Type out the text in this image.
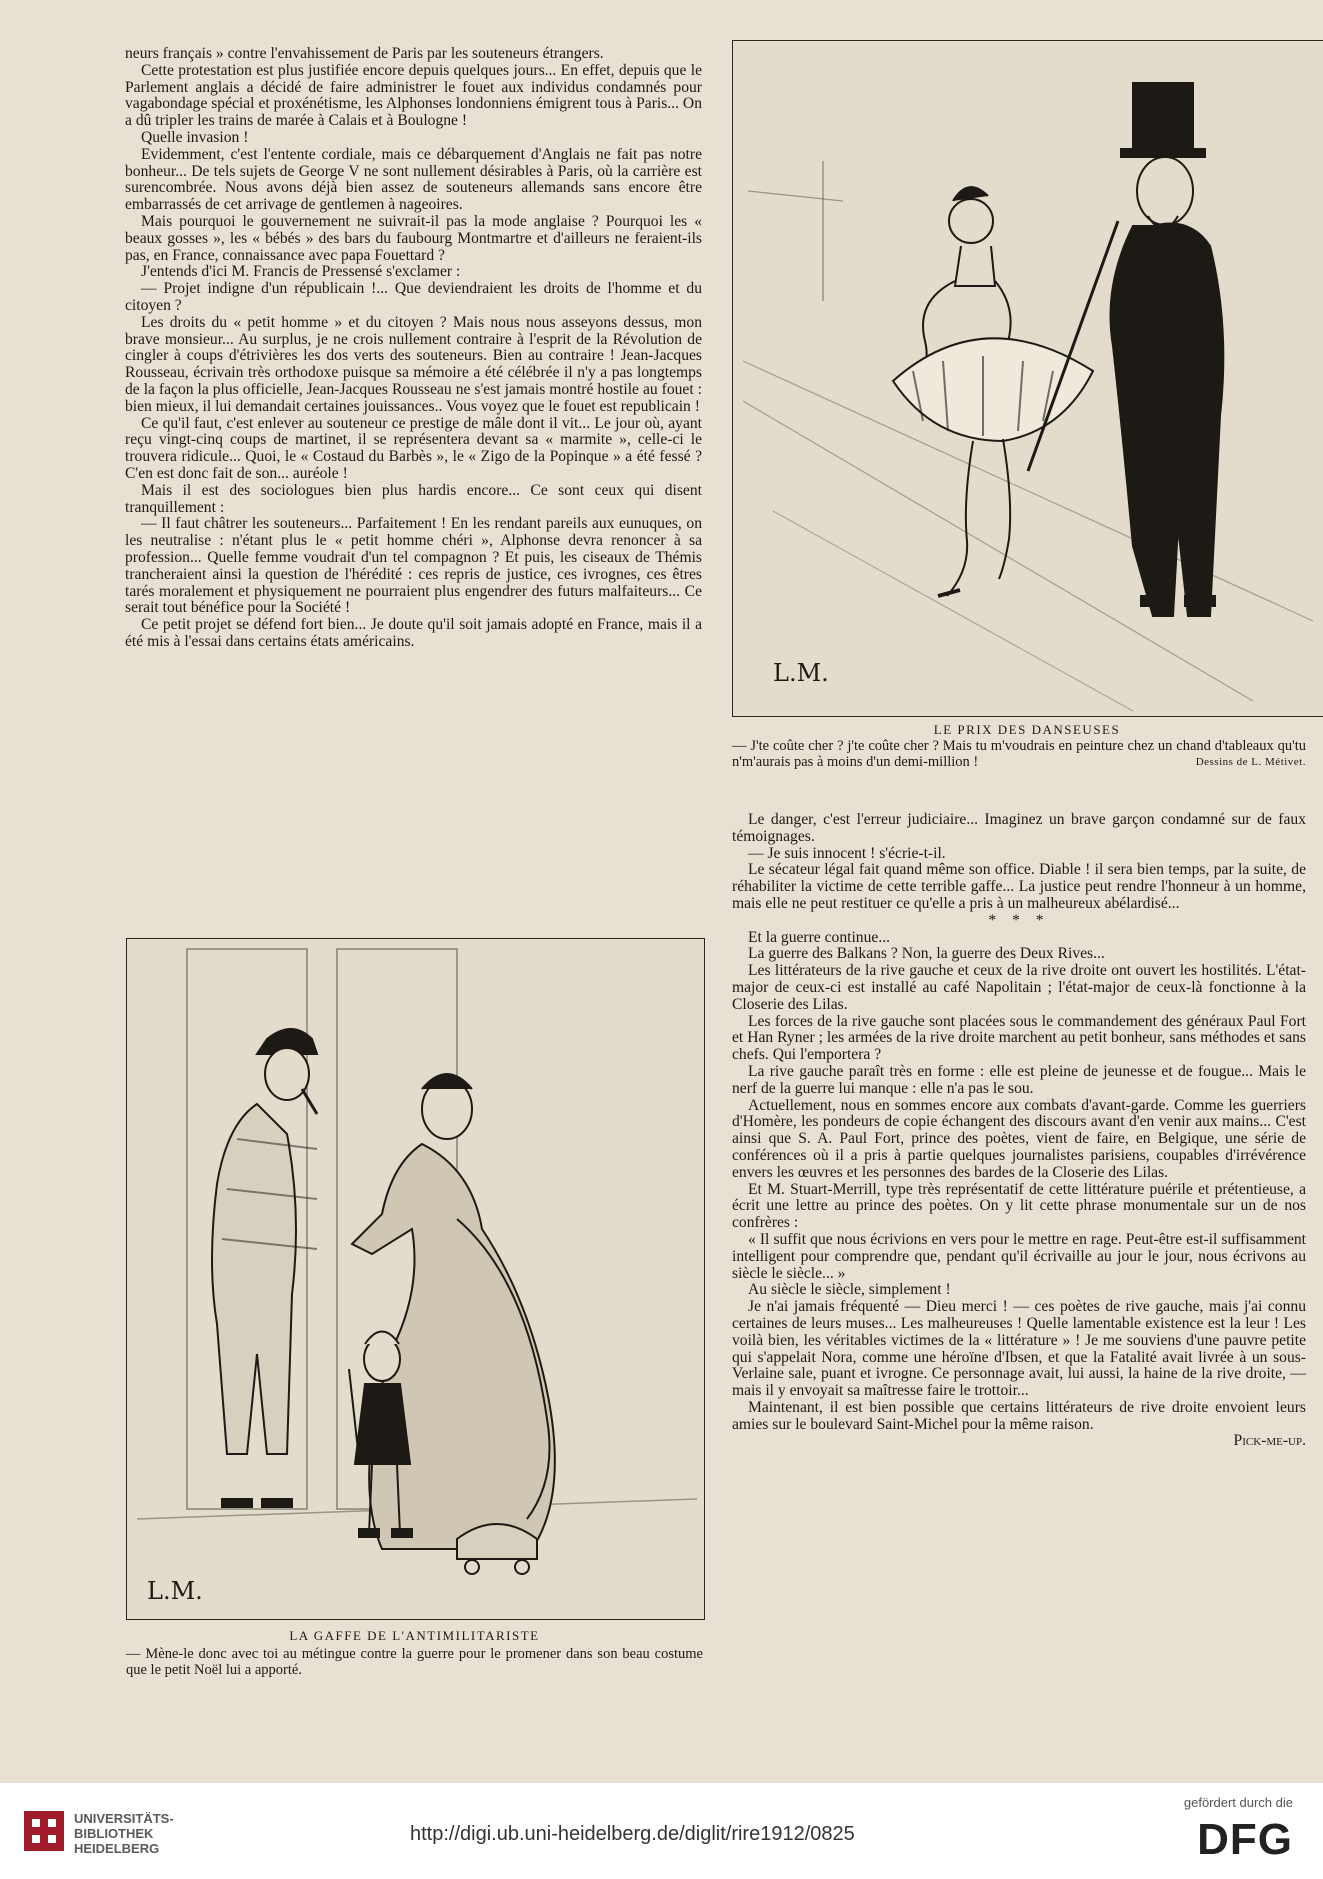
neurs français » contre l'envahissement de Paris par les souteneurs étrangers.

Cette protestation est plus justifiée encore depuis quelques jours... En effet, depuis que le Parlement anglais a décidé de faire administrer le fouet aux individus condamnés pour vagabondage spécial et proxénétisme, les Alphonses londonniens émigrent tous à Paris... On a dû tripler les trains de marée à Calais et à Boulogne !

Quelle invasion !

Evidemment, c'est l'entente cordiale, mais ce débarquement d'Anglais ne fait pas notre bonheur... De tels sujets de George V ne sont nullement désirables à Paris, où la carrière est surencombrée. Nous avons déjà bien assez de souteneurs allemands sans encore être embarrassés de cet arrivage de gentlemen à nageoires.

Mais pourquoi le gouvernement ne suivrait-il pas la mode anglaise ? Pourquoi les « beaux gosses », les « bébés » des bars du faubourg Montmartre et d'ailleurs ne feraient-ils pas, en France, connaissance avec papa Fouettard ?

J'entends d'ici M. Francis de Pressensé s'exclamer :

— Projet indigne d'un républicain !... Que deviendraient les droits de l'homme et du citoyen ?

Les droits du « petit homme » et du citoyen ? Mais nous nous asseyons dessus, mon brave monsieur... Au surplus, je ne crois nullement contraire à l'esprit de la Révolution de cingler à coups d'étrivières les dos verts des souteneurs. Bien au contraire ! Jean-Jacques Rousseau, écrivain très orthodoxe puisque sa mémoire a été célébrée il n'y a pas longtemps de la façon la plus officielle, Jean-Jacques Rousseau ne s'est jamais montré hostile au fouet : bien mieux, il lui demandait certaines jouissances.. Vous voyez que le fouet est republicain !

Ce qu'il faut, c'est enlever au souteneur ce prestige de mâle dont il vit... Le jour où, ayant reçu vingt-cinq coups de martinet, il se représentera devant sa « marmite », celle-ci le trouvera ridicule... Quoi, le « Costaud du Barbès », le « Zigo de la Popinque » a été fessé ? C'en est donc fait de son... auréole !

Mais il est des sociologues bien plus hardis encore... Ce sont ceux qui disent tranquillement :

— Il faut châtrer les souteneurs... Parfaitement ! En les rendant pareils aux eunuques, on les neutralise : n'étant plus le « petit homme chéri », Alphonse devra renoncer à sa profession... Quelle femme voudrait d'un tel compagnon ? Et puis, les ciseaux de Thémis trancheraient ainsi la question de l'hérédité : ces repris de justice, ces ivrognes, ces êtres tarés moralement et physiquement ne pourraient plus engendrer des futurs malfaiteurs... Ce serait tout bénéfice pour la Société !

Ce petit projet se défend fort bien... Je doute qu'il soit jamais adopté en France, mais il a été mis à l'essai dans certains états américains.

L.M.
LE PRIX DES DANSEUSES
— J'te coûte cher ? j'te coûte cher ? Mais tu m'voudrais en peinture chez un chand d'tableaux qu'tu n'm'aurais pas à moins d'un demi-million !	Dessins de L. Métivet.

Le danger, c'est l'erreur judiciaire... Imaginez un brave garçon condamné sur de faux témoignages.

— Je suis innocent ! s'écrie-t-il.

Le sécateur légal fait quand même son office. Diable ! il sera bien temps, par la suite, de réhabiliter la victime de cette terrible gaffe... La justice peut rendre l'honneur à un homme, mais elle ne peut restituer ce qu'elle a pris à un malheureux abélardisé...

* * *

Et la guerre continue...

La guerre des Balkans ? Non, la guerre des Deux Rives...

Les littérateurs de la rive gauche et ceux de la rive droite ont ouvert les hostilités. L'état-major de ceux-ci est installé au café Napolitain ; l'état-major de ceux-là fonctionne à la Closerie des Lilas.

Les forces de la rive gauche sont placées sous le commandement des généraux Paul Fort et Han Ryner ; les armées de la rive droite marchent au petit bonheur, sans méthodes et sans chefs. Qui l'emportera ?

La rive gauche paraît très en forme : elle est pleine de jeunesse et de fougue... Mais le nerf de la guerre lui manque : elle n'a pas le sou.

Actuellement, nous en sommes encore aux combats d'avant-garde. Comme les guerriers d'Homère, les pondeurs de copie échangent des discours avant d'en venir aux mains... C'est ainsi que S. A. Paul Fort, prince des poètes, vient de faire, en Belgique, une série de conférences où il a pris à partie quelques journalistes parisiens, coupables d'irrévérence envers les œuvres et les personnes des bardes de la Closerie des Lilas.

Et M. Stuart-Merrill, type très représentatif de cette littérature puérile et prétentieuse, a écrit une lettre au prince des poètes. On y lit cette phrase monumentale sur un de nos confrères :

« Il suffit que nous écrivions en vers pour le mettre en rage. Peut-être est-il suffisamment intelligent pour comprendre que, pendant qu'il écrivaille au jour le jour, nous écrivons au siècle le siècle... »

Au siècle le siècle, simplement !

Je n'ai jamais fréquenté — Dieu merci ! — ces poètes de rive gauche, mais j'ai connu certaines de leurs muses... Les malheureuses ! Quelle lamentable existence est la leur ! Les voilà bien, les véritables victimes de la « littérature » ! Je me souviens d'une pauvre petite qui s'appelait Nora, comme une héroïne d'Ibsen, et que la Fatalité avait livrée à un sous-Verlaine sale, puant et ivrogne. Ce personnage avait, lui aussi, la haine de la rive droite, — mais il y envoyait sa maîtresse faire le trottoir...

Maintenant, il est bien possible que certains littérateurs de rive droite envoient leurs amies sur le boulevard Saint-Michel pour la même raison.

Pick-me-up.

L.M.
LA GAFFE DE L'ANTIMILITARISTE
— Mène-le donc avec toi au métingue contre la guerre pour le promener dans son beau costume que le petit Noël lui a apporté.
UNIVERSITÄTS-
BIBLIOTHEK
HEIDELBERG
http://digi.ub.uni-heidelberg.de/diglit/rire1912/0825
gefördert durch die
DFG
